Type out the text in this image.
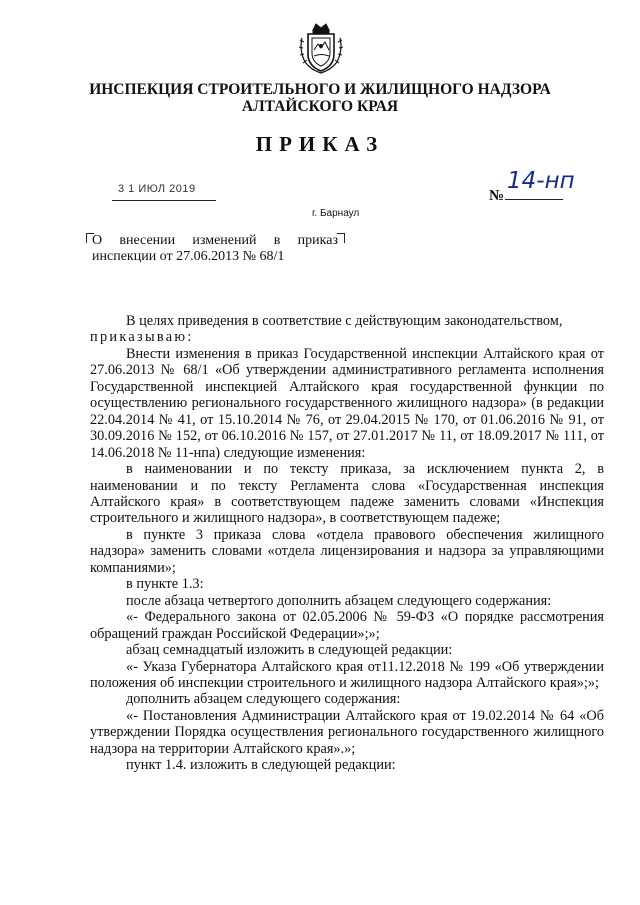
ИНСПЕКЦИЯ СТРОИТЕЛЬНОГО И ЖИЛИЩНОГО НАДЗОРА
АЛТАЙСКОГО КРАЯ
ПРИКАЗ
3 1 ИЮЛ 2019	№
14-нп
г. Барнаул
О внесении изменений в приказ
инспекции от 27.06.2013 № 68/1

В целях приведения в соответствие с действующим законодательством,

приказываю:

Внести изменения в приказ Государственной инспекции Алтайского края от 27.06.2013 № 68/1 «Об утверждении административного регламента исполнения Государственной инспекцией Алтайского края государственной функции по осуществлению регионального государственного жилищного надзора» (в редакции 22.04.2014 № 41, от 15.10.2014 № 76, от 29.04.2015 № 170, от 01.06.2016 № 91, от 30.09.2016 № 152, от 06.10.2016 № 157, от 27.01.2017 № 11, от 18.09.2017 № 111, от 14.06.2018 № 11-нпа) следующие изменения:

в наименовании и по тексту приказа, за исключением пункта 2, в наименовании и по тексту Регламента слова «Государственная инспекция Алтайского края» в соответствующем падеже заменить словами «Инспекция строительного и жилищного надзора», в соответствующем падеже;

в пункте 3 приказа слова «отдела правового обеспечения жилищного надзора» заменить словами «отдела лицензирования и надзора за управляющими компаниями»;

в пункте 1.3:

после абзаца четвертого дополнить абзацем следующего содержания:

«- Федерального закона от 02.05.2006 № 59-ФЗ «О порядке рассмотрения обращений граждан Российской Федерации»;»;

абзац семнадцатый изложить в следующей редакции:

«- Указа Губернатора Алтайского края от11.12.2018 № 199 «Об утверждении положения об инспекции строительного и жилищного надзора Алтайского края»;»;

дополнить абзацем следующего содержания:

«- Постановления Администрации Алтайского края от 19.02.2014 № 64 «Об утверждении Порядка осуществления регионального государственного жилищного надзора на территории Алтайского края».»;

пункт 1.4. изложить в следующей редакции:
